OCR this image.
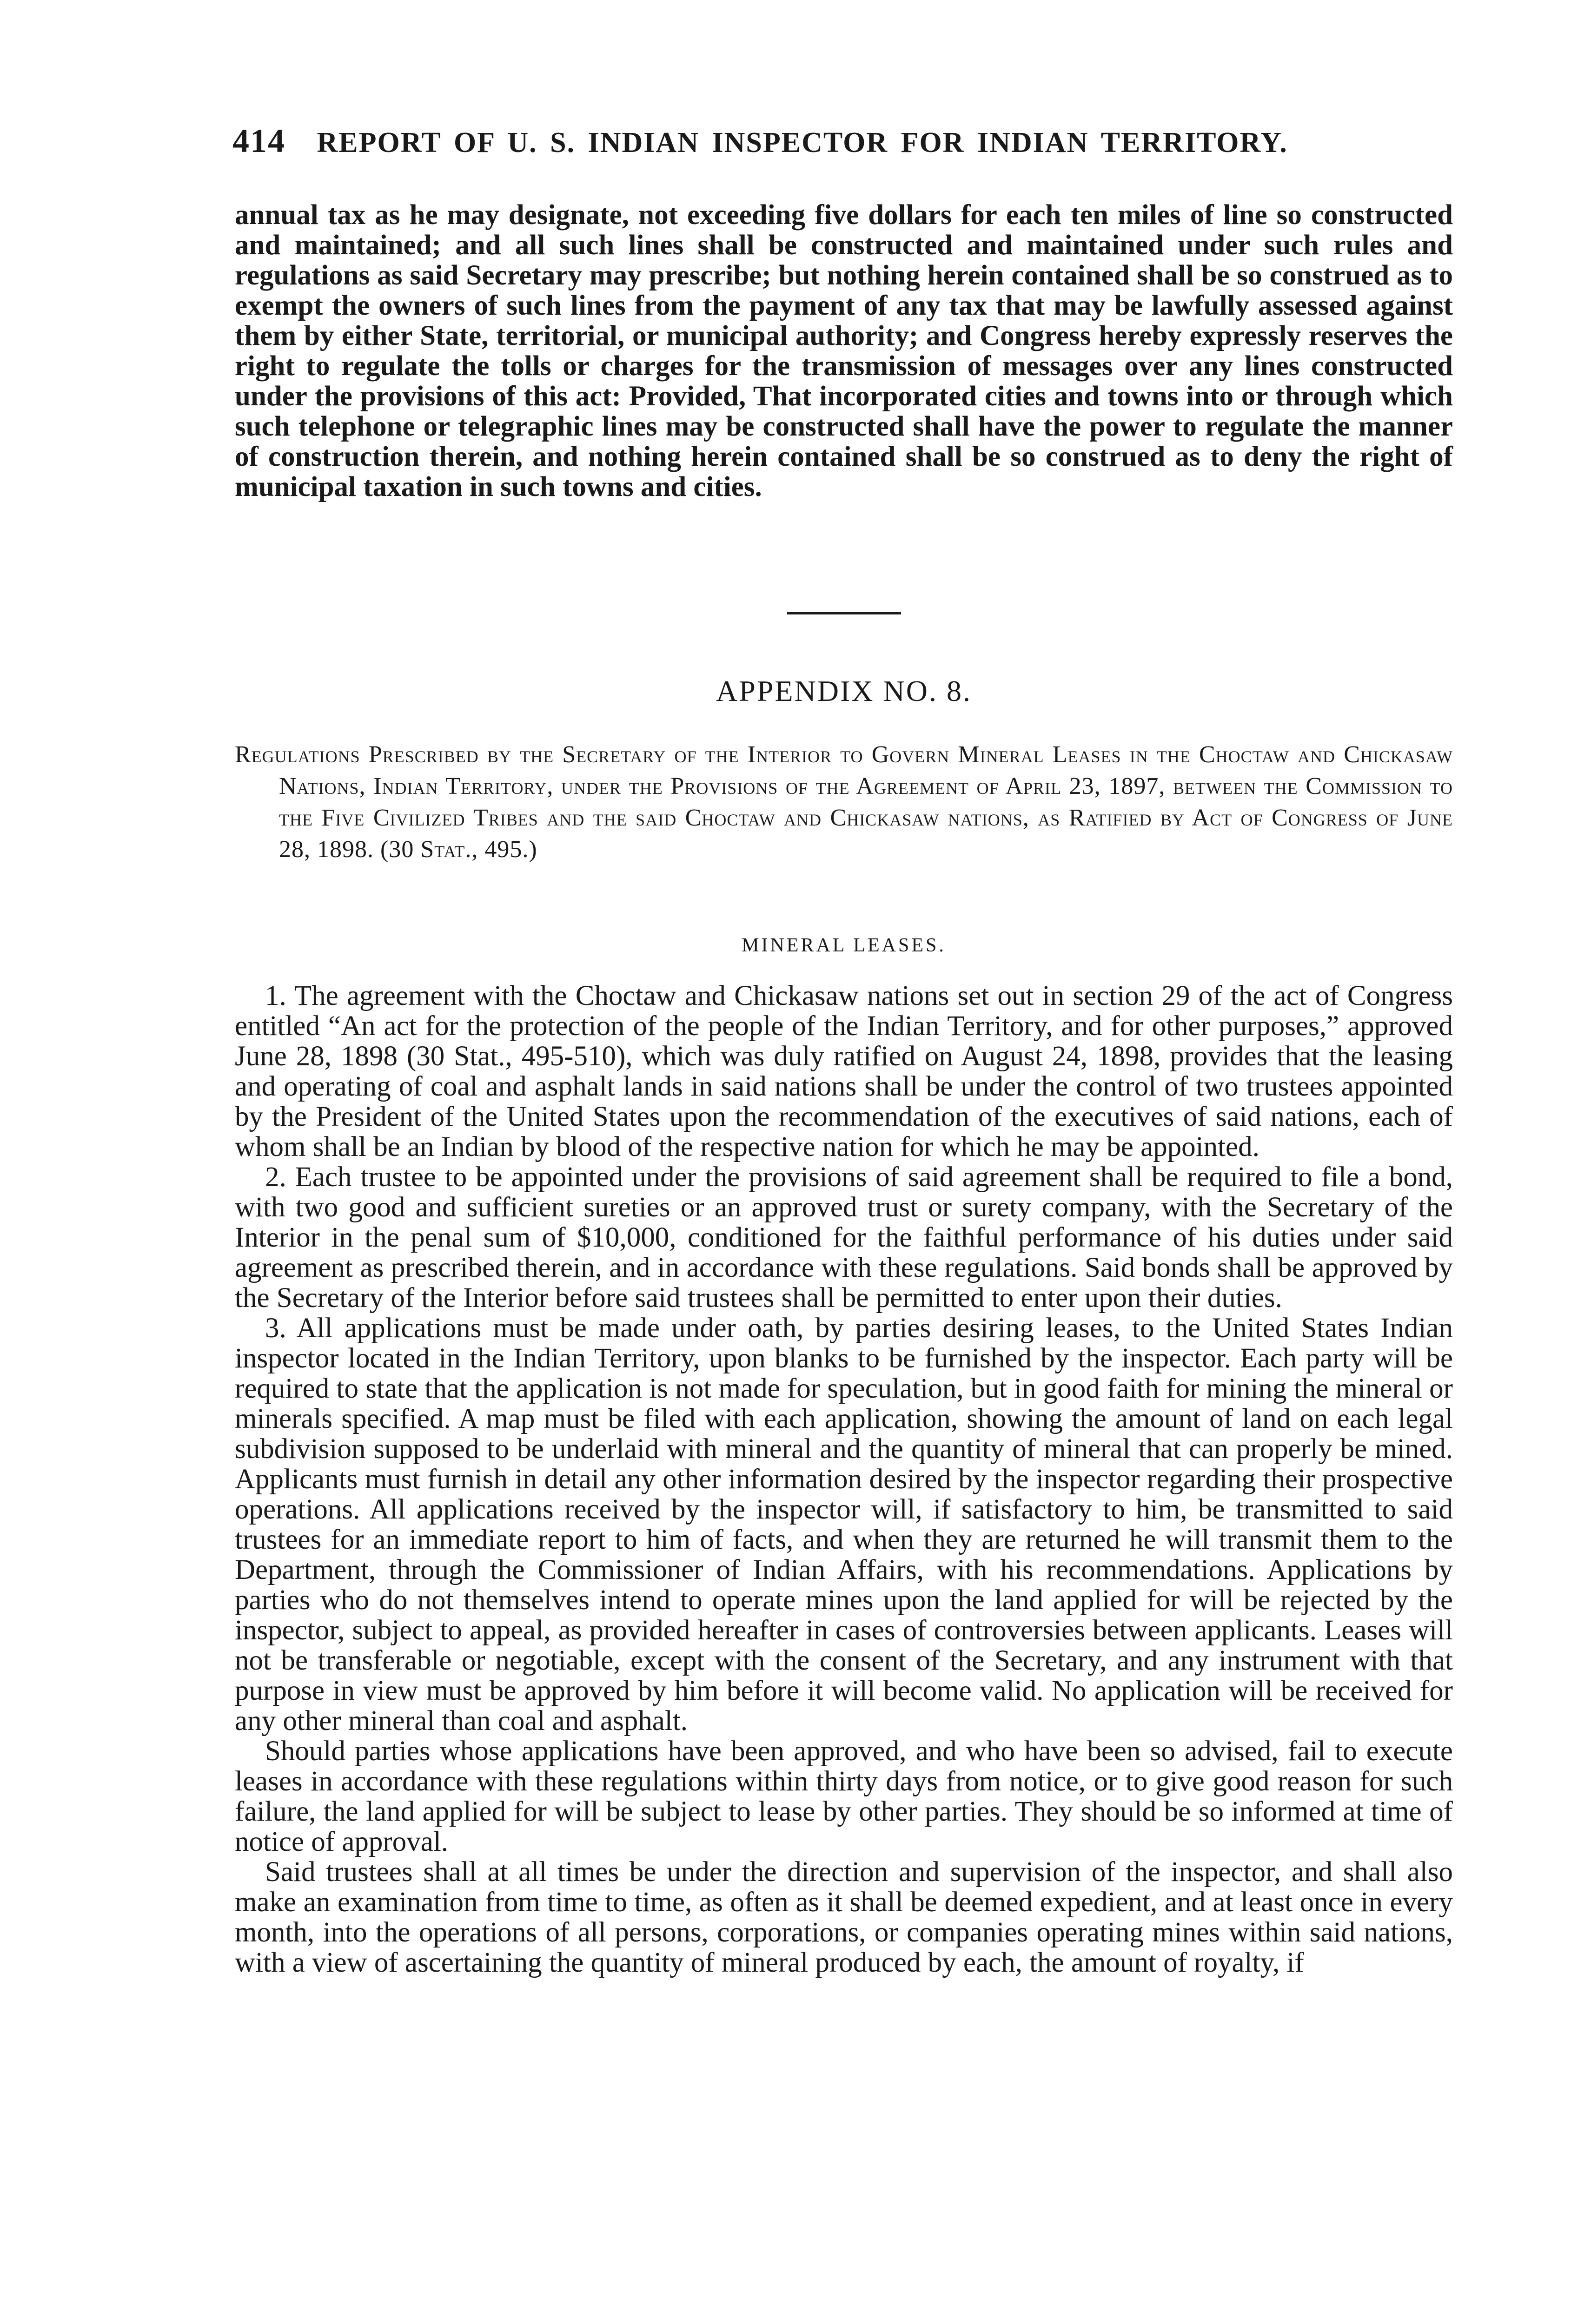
414 REPORT OF U. S. INDIAN INSPECTOR FOR INDIAN TERRITORY.

annual tax as he may designate, not exceeding five dollars for each ten miles of line so constructed and maintained; and all such lines shall be constructed and maintained under such rules and regulations as said Secretary may prescribe; but nothing herein contained shall be so construed as to exempt the owners of such lines from the payment of any tax that may be lawfully assessed against them by either State, territorial, or municipal authority; and Congress hereby expressly reserves the right to regulate the tolls or charges for the transmission of messages over any lines constructed under the provisions of this act: Provided, That incorporated cities and towns into or through which such telephone or telegraphic lines may be constructed shall have the power to regulate the manner of construction therein, and nothing herein contained shall be so construed as to deny the right of municipal taxation in such towns and cities.

APPENDIX NO. 8.
Regulations Prescribed by the Secretary of the Interior to Govern Mineral Leases in the Choctaw and Chickasaw Nations, Indian Territory, under the Provisions of the Agreement of April 23, 1897, between the Commission to the Five Civilized Tribes and the said Choctaw and Chickasaw nations, as Ratified by Act of Congress of June 28, 1898. (30 Stat., 495.)
MINERAL LEASES.

1. The agreement with the Choctaw and Chickasaw nations set out in section 29 of the act of Congress entitled “An act for the protection of the people of the Indian Territory, and for other purposes,” approved June 28, 1898 (30 Stat., 495-510), which was duly ratified on August 24, 1898, provides that the leasing and operating of coal and asphalt lands in said nations shall be under the control of two trustees appointed by the President of the United States upon the recommendation of the executives of said nations, each of whom shall be an Indian by blood of the respective nation for which he may be appointed.

2. Each trustee to be appointed under the provisions of said agreement shall be required to file a bond, with two good and sufficient sureties or an approved trust or surety company, with the Secretary of the Interior in the penal sum of $10,000, conditioned for the faithful performance of his duties under said agreement as prescribed therein, and in accordance with these regulations. Said bonds shall be approved by the Secretary of the Interior before said trustees shall be permitted to enter upon their duties.

3. All applications must be made under oath, by parties desiring leases, to the United States Indian inspector located in the Indian Territory, upon blanks to be furnished by the inspector. Each party will be required to state that the application is not made for speculation, but in good faith for mining the mineral or minerals specified. A map must be filed with each application, showing the amount of land on each legal subdivision supposed to be underlaid with mineral and the quantity of mineral that can properly be mined. Applicants must furnish in detail any other information desired by the inspector regarding their prospective operations. All applications received by the inspector will, if satisfactory to him, be transmitted to said trustees for an immediate report to him of facts, and when they are returned he will transmit them to the Department, through the Commissioner of Indian Affairs, with his recommendations. Applications by parties who do not themselves intend to operate mines upon the land applied for will be rejected by the inspector, subject to appeal, as provided hereafter in cases of controversies between applicants. Leases will not be transferable or negotiable, except with the consent of the Secretary, and any instrument with that purpose in view must be approved by him before it will become valid. No application will be received for any other mineral than coal and asphalt.

Should parties whose applications have been approved, and who have been so advised, fail to execute leases in accordance with these regulations within thirty days from notice, or to give good reason for such failure, the land applied for will be subject to lease by other parties. They should be so informed at time of notice of approval.

Said trustees shall at all times be under the direction and supervision of the inspector, and shall also make an examination from time to time, as often as it shall be deemed expedient, and at least once in every month, into the operations of all persons, corporations, or companies operating mines within said nations, with a view of ascertaining the quantity of mineral produced by each, the amount of royalty, if
